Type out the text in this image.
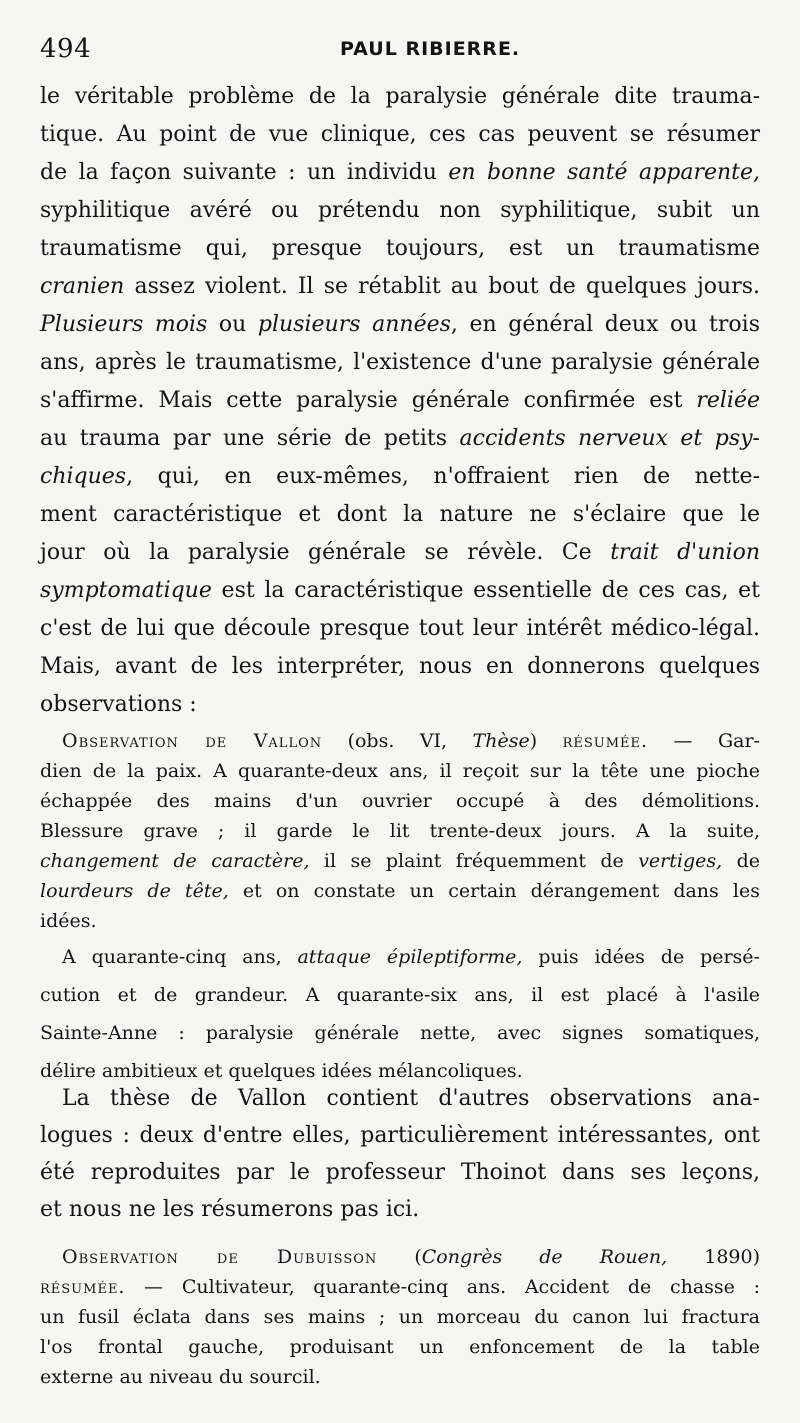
494	PAUL RIBIERRE.
le véritable problème de la paralysie générale dite trauma-
tique. Au point de vue clinique, ces cas peuvent se résumer
de la façon suivante : un individu en bonne santé apparente,
syphilitique avéré ou prétendu non syphilitique, subit un
traumatisme qui, presque toujours, est un traumatisme
cranien assez violent. Il se rétablit au bout de quelques jours.
Plusieurs mois ou plusieurs années, en général deux ou trois
ans, après le traumatisme, l'existence d'une paralysie générale
s'affirme. Mais cette paralysie générale confirmée est reliée
au trauma par une série de petits accidents nerveux et psy-
chiques, qui, en eux-mêmes, n'offraient rien de nette-
ment caractéristique et dont la nature ne s'éclaire que le
jour où la paralysie générale se révèle. Ce trait d'union
symptomatique est la caractéristique essentielle de ces cas, et
c'est de lui que découle presque tout leur intérêt médico-légal.
Mais, avant de les interpréter, nous en donnerons quelques
observations :
Observation de Vallon (obs. VI, Thèse) résumée. — Gar-
dien de la paix. A quarante-deux ans, il reçoit sur la tête une pioche
échappée des mains d'un ouvrier occupé à des démolitions.
Blessure grave ; il garde le lit trente-deux jours. A la suite,
changement de caractère, il se plaint fréquemment de vertiges, de
lourdeurs de tête, et on constate un certain dérangement dans les
idées.
A quarante-cinq ans, attaque épileptiforme, puis idées de persé-
cution et de grandeur. A quarante-six ans, il est placé à l'asile
Sainte-Anne : paralysie générale nette, avec signes somatiques,
délire ambitieux et quelques idées mélancoliques.
La thèse de Vallon contient d'autres observations ana-
logues : deux d'entre elles, particulièrement intéressantes, ont
été reproduites par le professeur Thoinot dans ses leçons,
et nous ne les résumerons pas ici.
Observation de Dubuisson (Congrès de Rouen, 1890)
résumée. — Cultivateur, quarante-cinq ans. Accident de chasse :
un fusil éclata dans ses mains ; un morceau du canon lui fractura
l'os frontal gauche, produisant un enfoncement de la table
externe au niveau du sourcil.
